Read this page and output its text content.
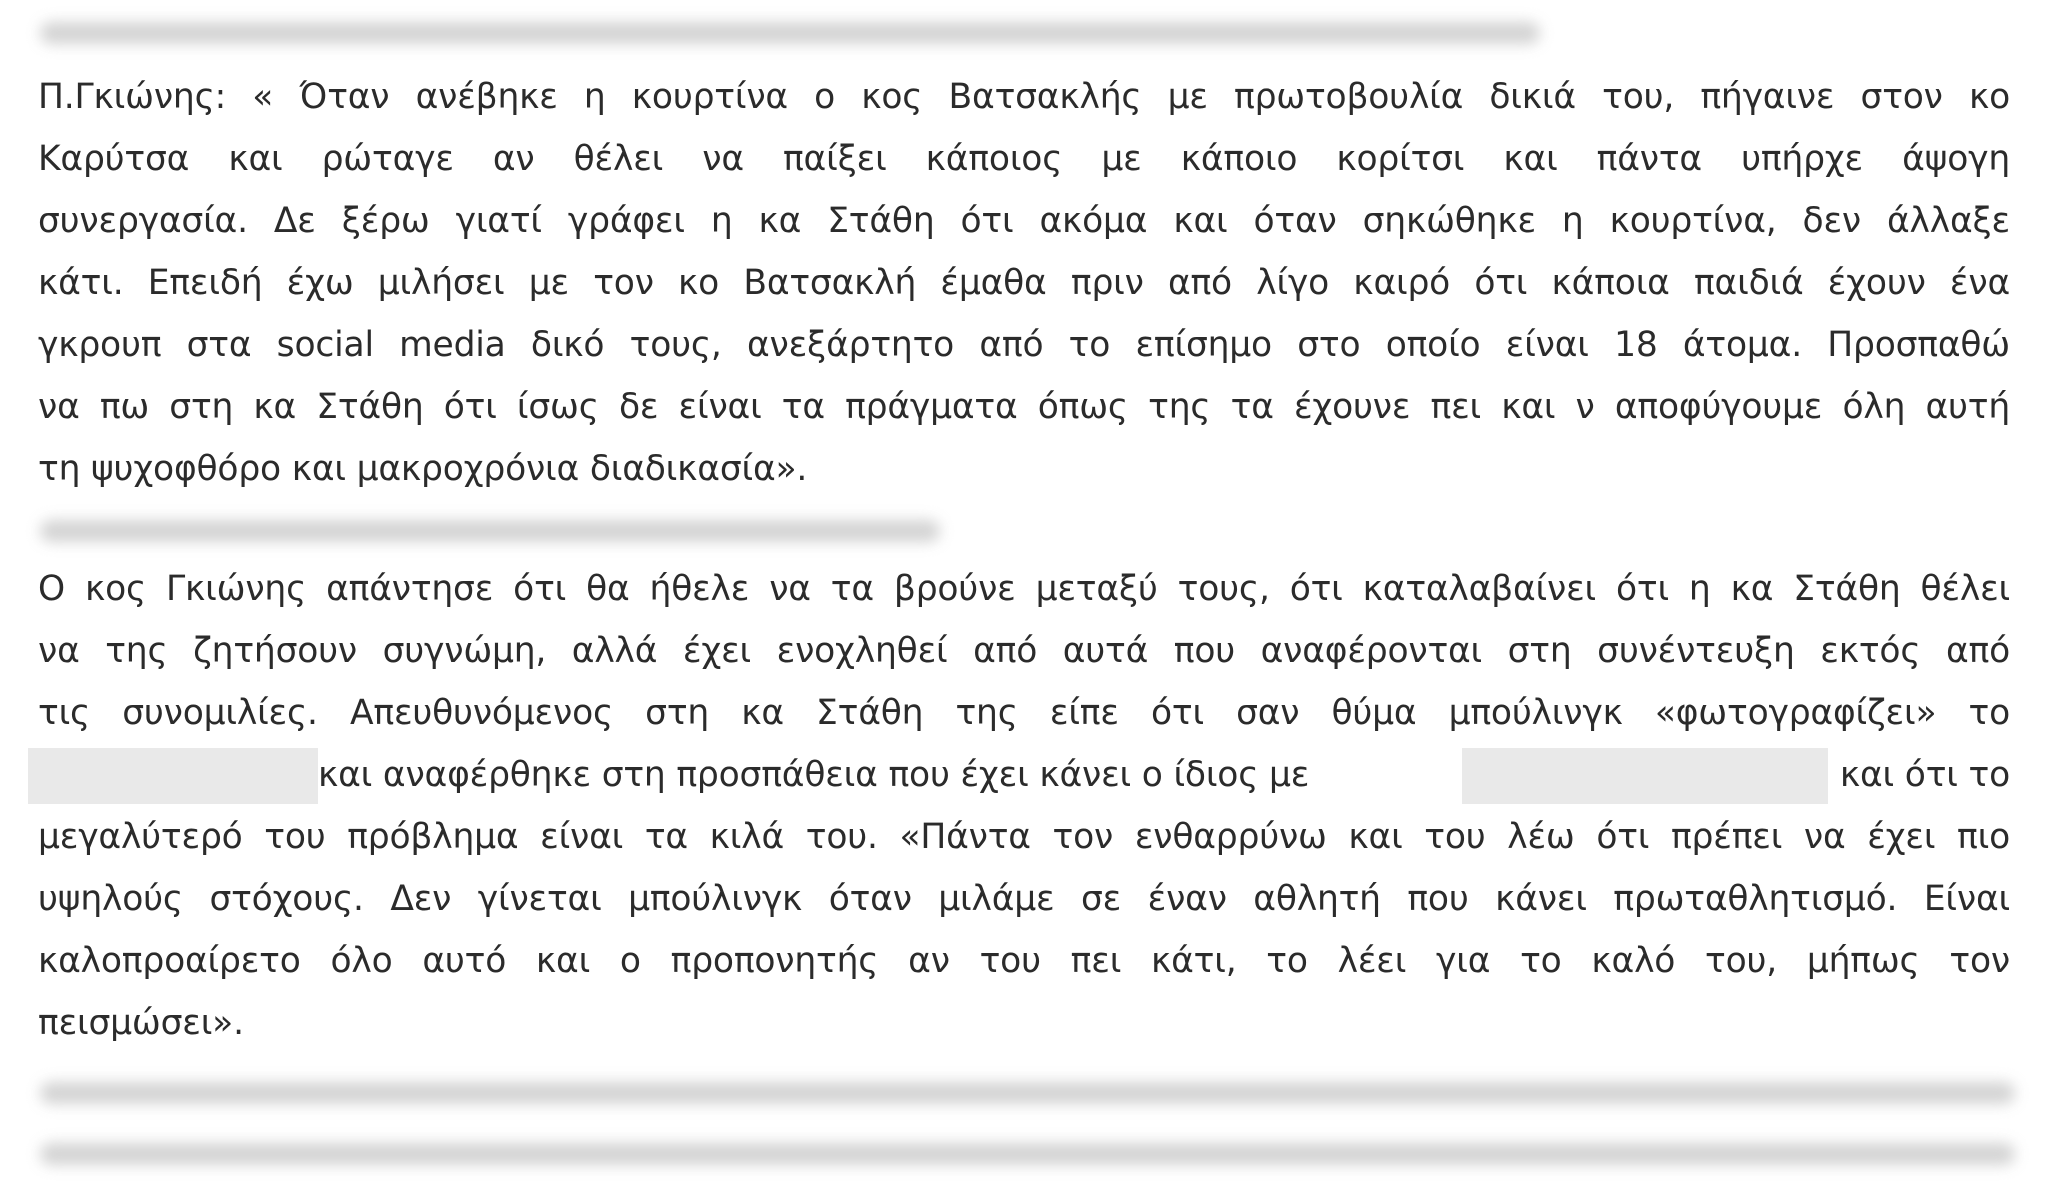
Π.Γκιώνης: « Όταν ανέβηκε η κουρτίνα ο κος Βατσακλής με πρωτοβουλία δικιά του, πήγαινε στον κο
Καρύτσα και ρώταγε αν θέλει να παίξει κάποιος με κάποιο κορίτσι και πάντα υπήρχε άψογη
συνεργασία. Δε ξέρω γιατί γράφει η κα Στάθη ότι ακόμα και όταν σηκώθηκε η κουρτίνα, δεν άλλαξε
κάτι. Επειδή έχω μιλήσει με τον κο Βατσακλή έμαθα πριν από λίγο καιρό ότι κάποια παιδιά έχουν ένα
γκρουπ στα social media δικό τους, ανεξάρτητο από το επίσημο στο οποίο είναι 18 άτομα. Προσπαθώ
να πω στη κα Στάθη ότι ίσως δε είναι τα πράγματα όπως της τα έχουνε πει και ν αποφύγουμε όλη αυτή
τη ψυχοφθόρο και μακροχρόνια διαδικασία».
Ο κος Γκιώνης απάντησε ότι θα ήθελε να τα βρούνε μεταξύ τους, ότι καταλαβαίνει ότι η κα Στάθη θέλει
να της ζητήσουν συγνώμη, αλλά έχει ενοχληθεί από αυτά που αναφέρονται στη συνέντευξη εκτός από
τις συνομιλίες. Απευθυνόμενος στη κα Στάθη της είπε ότι σαν θύμα μπούλινγκ «φωτογραφίζει» το
και αναφέρθηκε στη προσπάθεια που έχει κάνει ο ίδιος με	και ότι το
μεγαλύτερό του πρόβλημα είναι τα κιλά του. «Πάντα τον ενθαρρύνω και του λέω ότι πρέπει να έχει πιο
υψηλούς στόχους. Δεν γίνεται μπούλινγκ όταν μιλάμε σε έναν αθλητή που κάνει πρωταθλητισμό. Είναι
καλοπροαίρετο όλο αυτό και ο προπονητής αν του πει κάτι, το λέει για το καλό του, μήπως τον
πεισμώσει».
